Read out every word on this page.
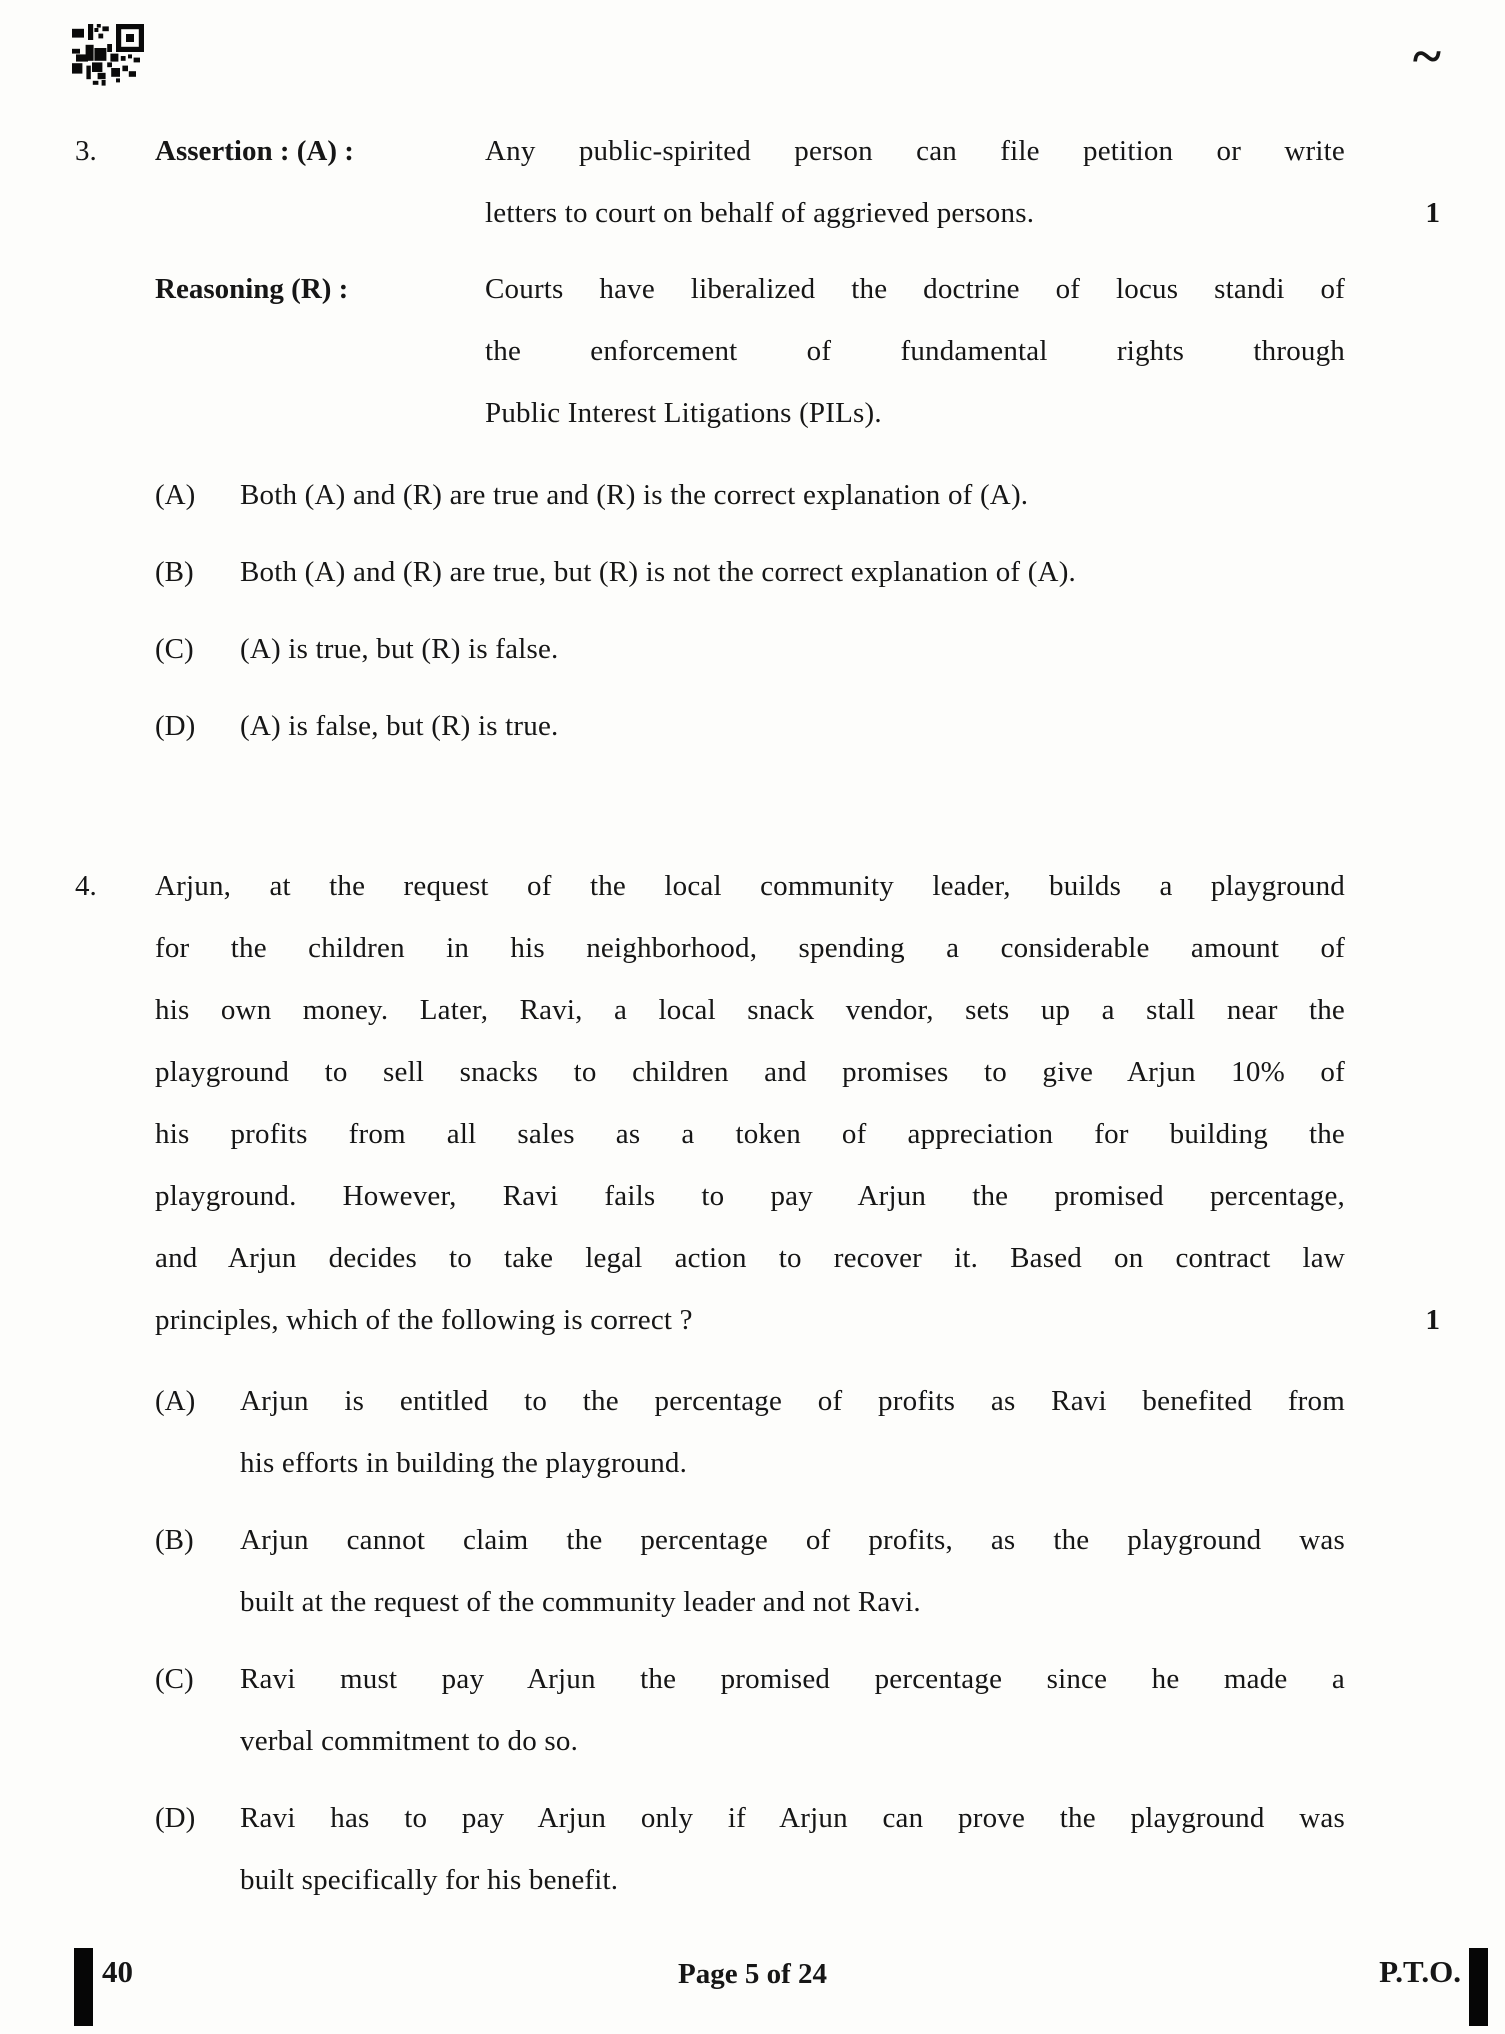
~
1
3.	Assertion : (A) :	Any public-spirited person can file petition or write
letters to court on behalf of aggrieved persons.
Reasoning (R) :	Courts have liberalized the doctrine of locus standi of
the enforcement of fundamental rights through
Public Interest Litigations (PILs).
(A)	Both (A) and (R) are true and (R) is the correct explanation of (A).
(B)	Both (A) and (R) are true, but (R) is not the correct explanation of (A).
(C)	(A) is true, but (R) is false.
(D)	(A) is false, but (R) is true.
1
4.	Arjun, at the request of the local community leader, builds a playground
for the children in his neighborhood, spending a considerable amount of
his own money. Later, Ravi, a local snack vendor, sets up a stall near the
playground to sell snacks to children and promises to give Arjun 10% of
his profits from all sales as a token of appreciation for building the
playground. However, Ravi fails to pay Arjun the promised percentage,
and Arjun decides to take legal action to recover it. Based on contract law
principles, which of the following is correct ?
(A)	Arjun is entitled to the percentage of profits as Ravi benefited from
his efforts in building the playground.
(B)	Arjun cannot claim the percentage of profits, as the playground was
built at the request of the community leader and not Ravi.
(C)	Ravi must pay Arjun the promised percentage since he made a
verbal commitment to do so.
(D)	Ravi has to pay Arjun only if Arjun can prove the playground was
built specifically for his benefit.
40	Page 5 of 24	P.T.O.
